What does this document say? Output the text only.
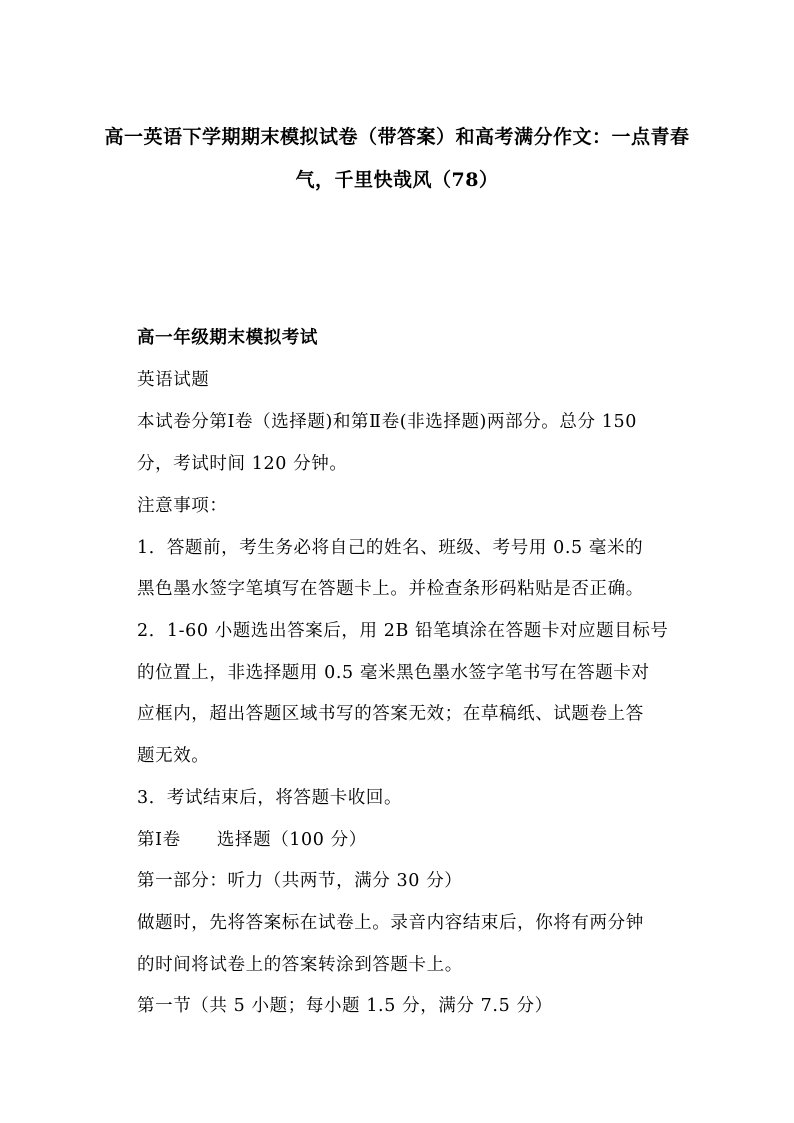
高一英语下学期期末模拟试卷（带答案）和高考满分作文：一点青春
气，千里快哉风（78）
高一年级期末模拟考试
英语试题
本试卷分第Ⅰ卷（选择题)和第Ⅱ卷(非选择题)两部分。总分 150
分，考试时间 120 分钟。
注意事项：
1．答题前，考生务必将自己的姓名、班级、考号用 0.5 毫米的
黑色墨水签字笔填写在答题卡上。并检查条形码粘贴是否正确。
2．1-60 小题选出答案后，用 2B 铅笔填涂在答题卡对应题目标号
的位置上，非选择题用 0.5 毫米黑色墨水签字笔书写在答题卡对
应框内，超出答题区域书写的答案无效；在草稿纸、试题卷上答
题无效。
3．考试结束后，将答题卡收回。
第Ⅰ卷　　选择题（100 分）
第一部分：听力（共两节，满分 30 分）
做题时，先将答案标在试卷上。录音内容结束后，你将有两分钟
的时间将试卷上的答案转涂到答题卡上。
第一节（共 5 小题；每小题 1.5 分，满分 7.5 分）
